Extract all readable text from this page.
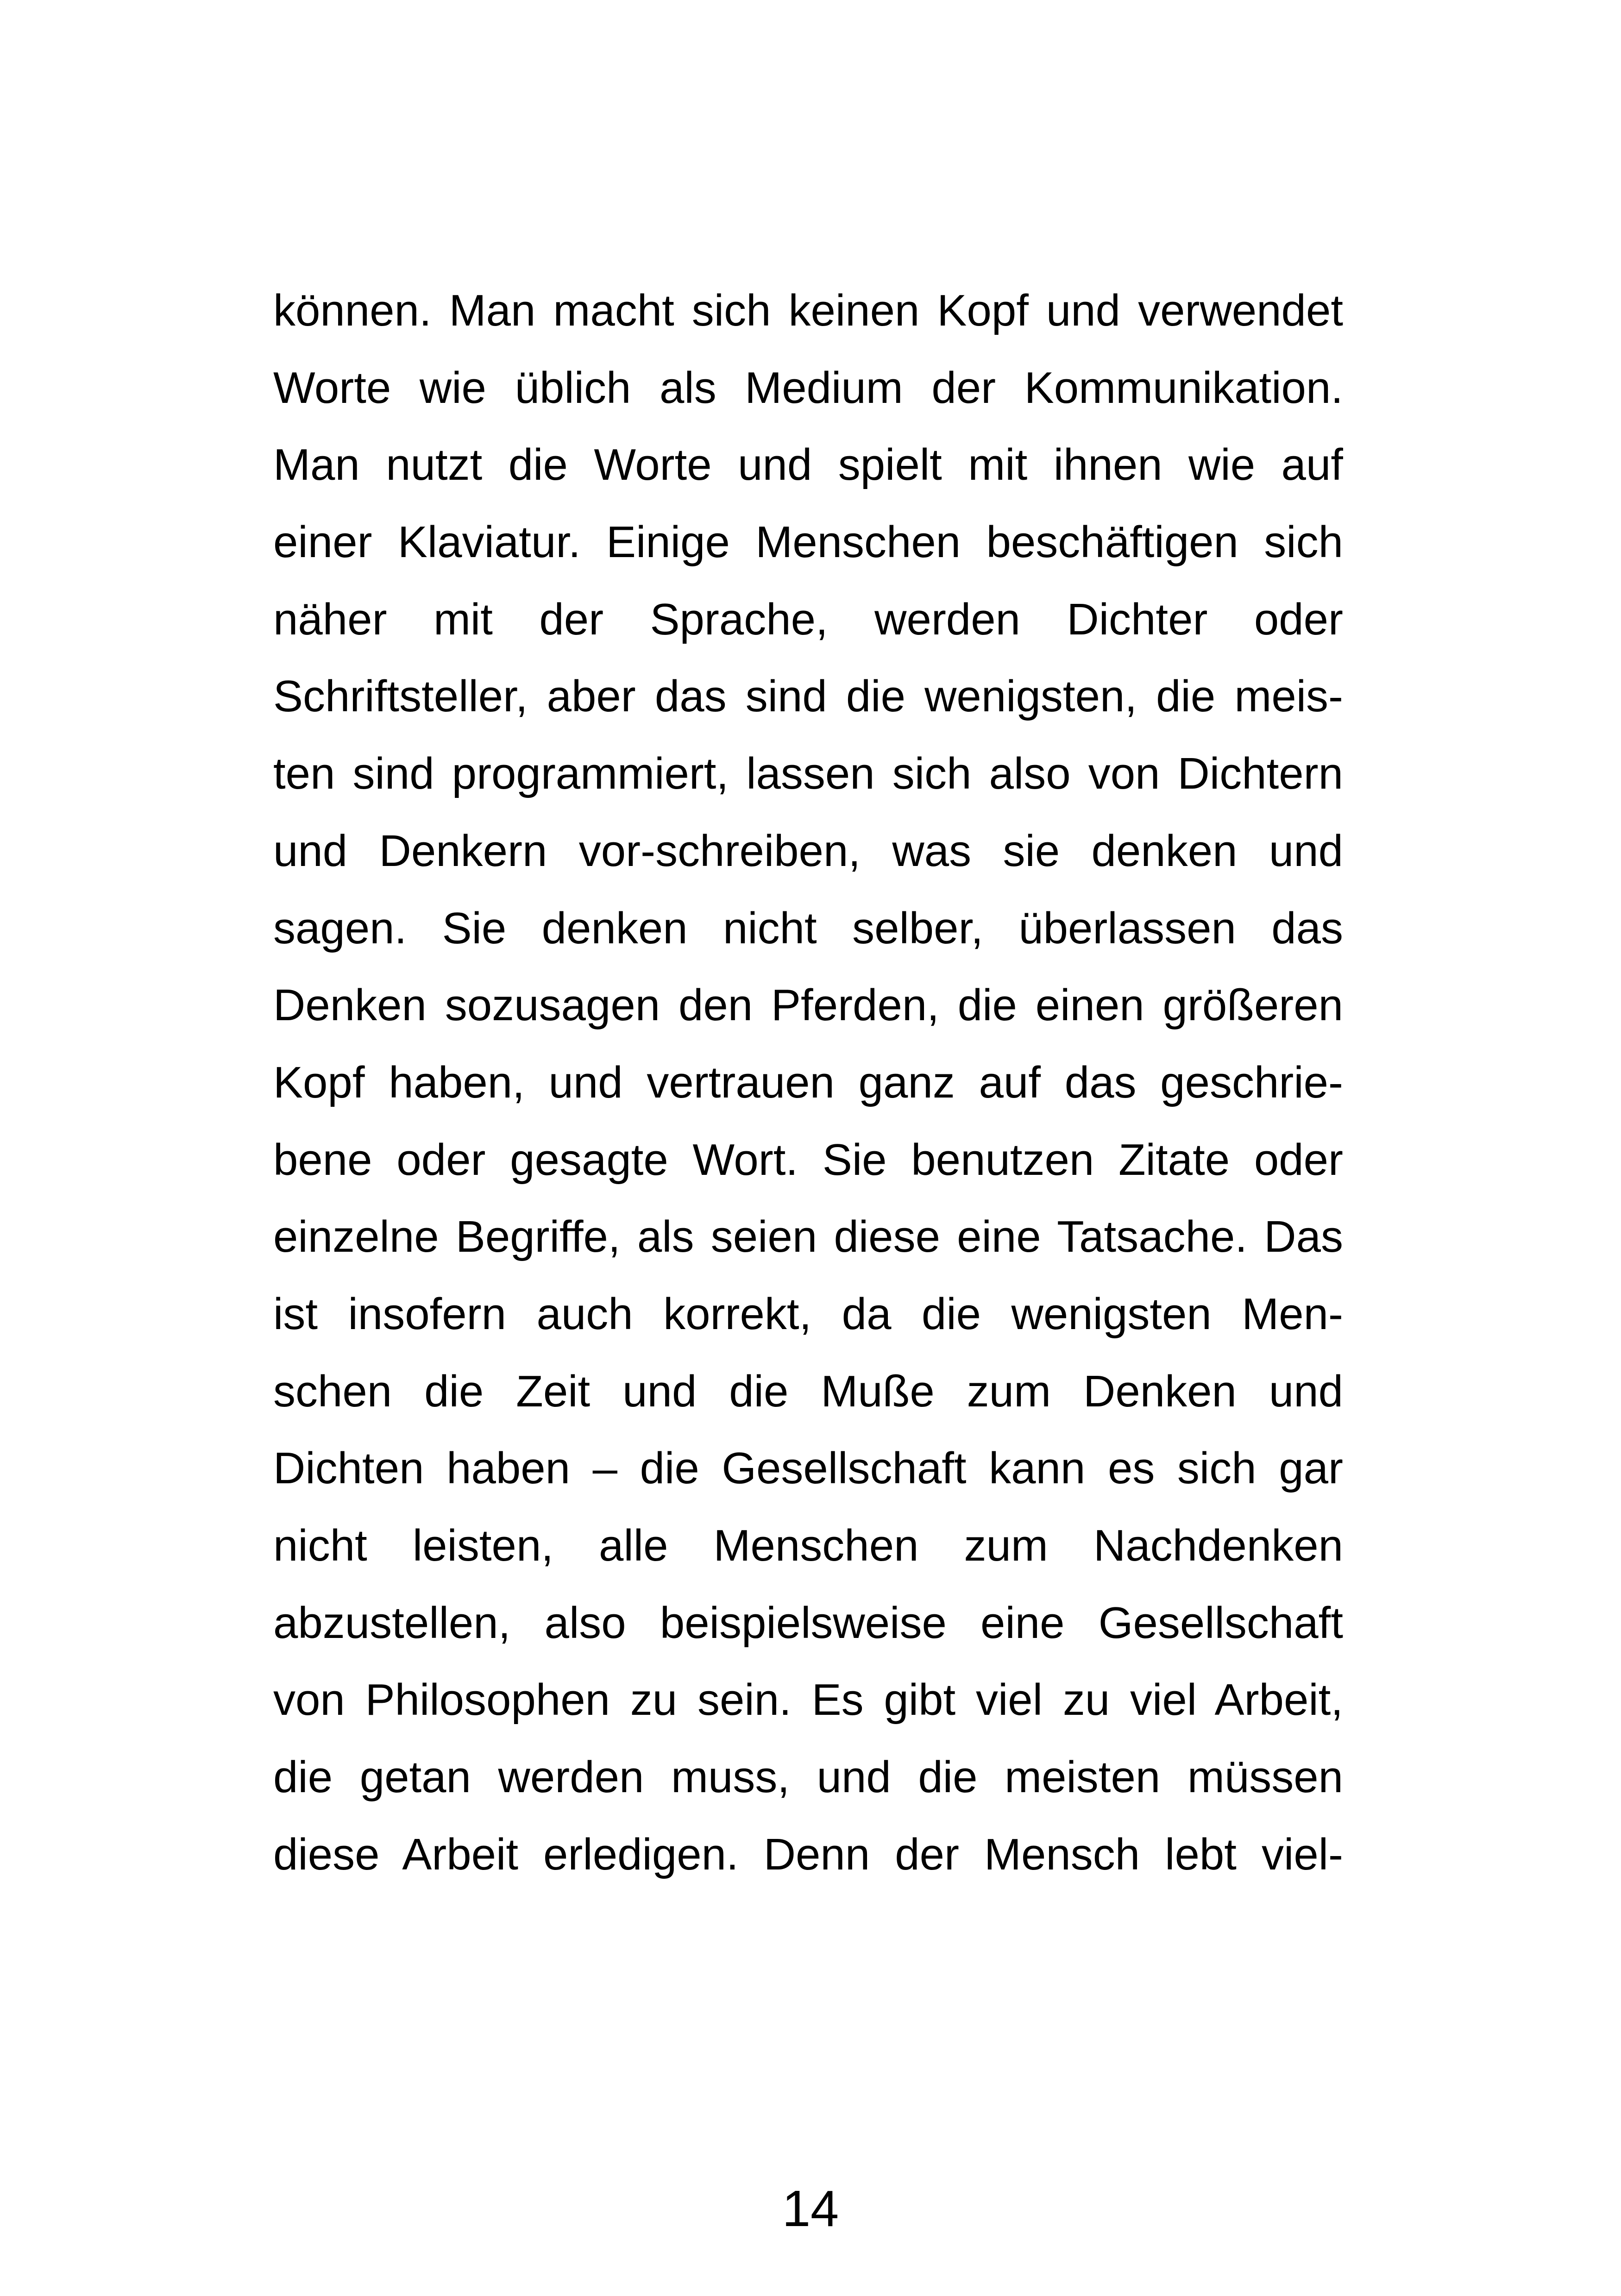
können. Man macht sich keinen Kopf und verwendet
Worte wie üblich als Medium der Kommunikation.
Man nutzt die Worte und spielt mit ihnen wie auf
einer Klaviatur. Einige Menschen beschäftigen sich
näher mit der Sprache, werden Dichter oder
Schriftsteller, aber das sind die wenigsten, die meis-
ten sind programmiert, lassen sich also von Dichtern
und Denkern vor-schreiben, was sie denken und
sagen. Sie denken nicht selber, überlassen das
Denken sozusagen den Pferden, die einen größeren
Kopf haben, und vertrauen ganz auf das geschrie-
bene oder gesagte Wort. Sie benutzen Zitate oder
einzelne Begriffe, als seien diese eine Tatsache. Das
ist insofern auch korrekt, da die wenigsten Men-
schen die Zeit und die Muße zum Denken und
Dichten haben – die Gesellschaft kann es sich gar
nicht leisten, alle Menschen zum Nachdenken
abzustellen, also beispielsweise eine Gesellschaft
von Philosophen zu sein. Es gibt viel zu viel Arbeit,
die getan werden muss, und die meisten müssen
diese Arbeit erledigen. Denn der Mensch lebt viel-
14
